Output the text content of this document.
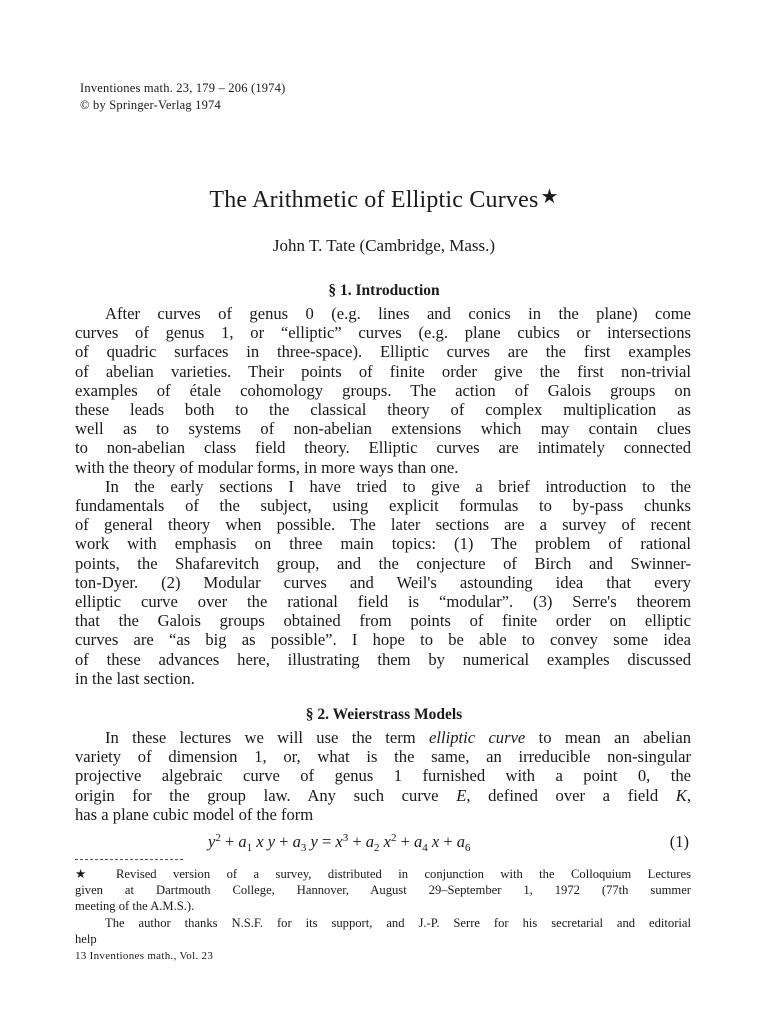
Inventiones math. 23, 179 – 206 (1974)
© by Springer-Verlag 1974
The Arithmetic of Elliptic Curves ★
John T. Tate (Cambridge, Mass.)
§ 1. Introduction
After curves of genus 0 (e.g. lines and conics in the plane) come
curves of genus 1, or “elliptic” curves (e.g. plane cubics or intersections
of quadric surfaces in three-space). Elliptic curves are the first examples
of abelian varieties. Their points of finite order give the first non-trivial
examples of étale cohomology groups. The action of Galois groups on
these leads both to the classical theory of complex multiplication as
well as to systems of non-abelian extensions which may contain clues
to non-abelian class field theory. Elliptic curves are intimately connected
with the theory of modular forms, in more ways than one.
In the early sections I have tried to give a brief introduction to the
fundamentals of the subject, using explicit formulas to by-pass chunks
of general theory when possible. The later sections are a survey of recent
work with emphasis on three main topics: (1) The problem of rational
points, the Shafarevitch group, and the conjecture of Birch and Swinner-
ton-Dyer. (2) Modular curves and Weil's astounding idea that every
elliptic curve over the rational field is “modular”. (3) Serre's theorem
that the Galois groups obtained from points of finite order on elliptic
curves are “as big as possible”. I hope to be able to convey some idea
of these advances here, illustrating them by numerical examples discussed
in the last section.
§ 2. Weierstrass Models
In these lectures we will use the term elliptic curve to mean an abelian
variety of dimension 1, or, what is the same, an irreducible non-singular
projective algebraic curve of genus 1 furnished with a point 0, the
origin for the group law. Any such curve E, defined over a field K,
has a plane cubic model of the form
$y^2 + a_1$ x $y + a_3$ $y = x^3 + a_2$ $x^2 + a_4$ $x + a_6$	(1)
★ Revised version of a survey, distributed in conjunction with the Colloquium Lectures
given at Dartmouth College, Hannover, August 29–September 1, 1972 (77th summer
meeting of the A.M.S.).
The author thanks N.S.F. for its support, and J.-P. Serre for his secretarial and editorial
help
13 Inventiones math., Vol. 23
